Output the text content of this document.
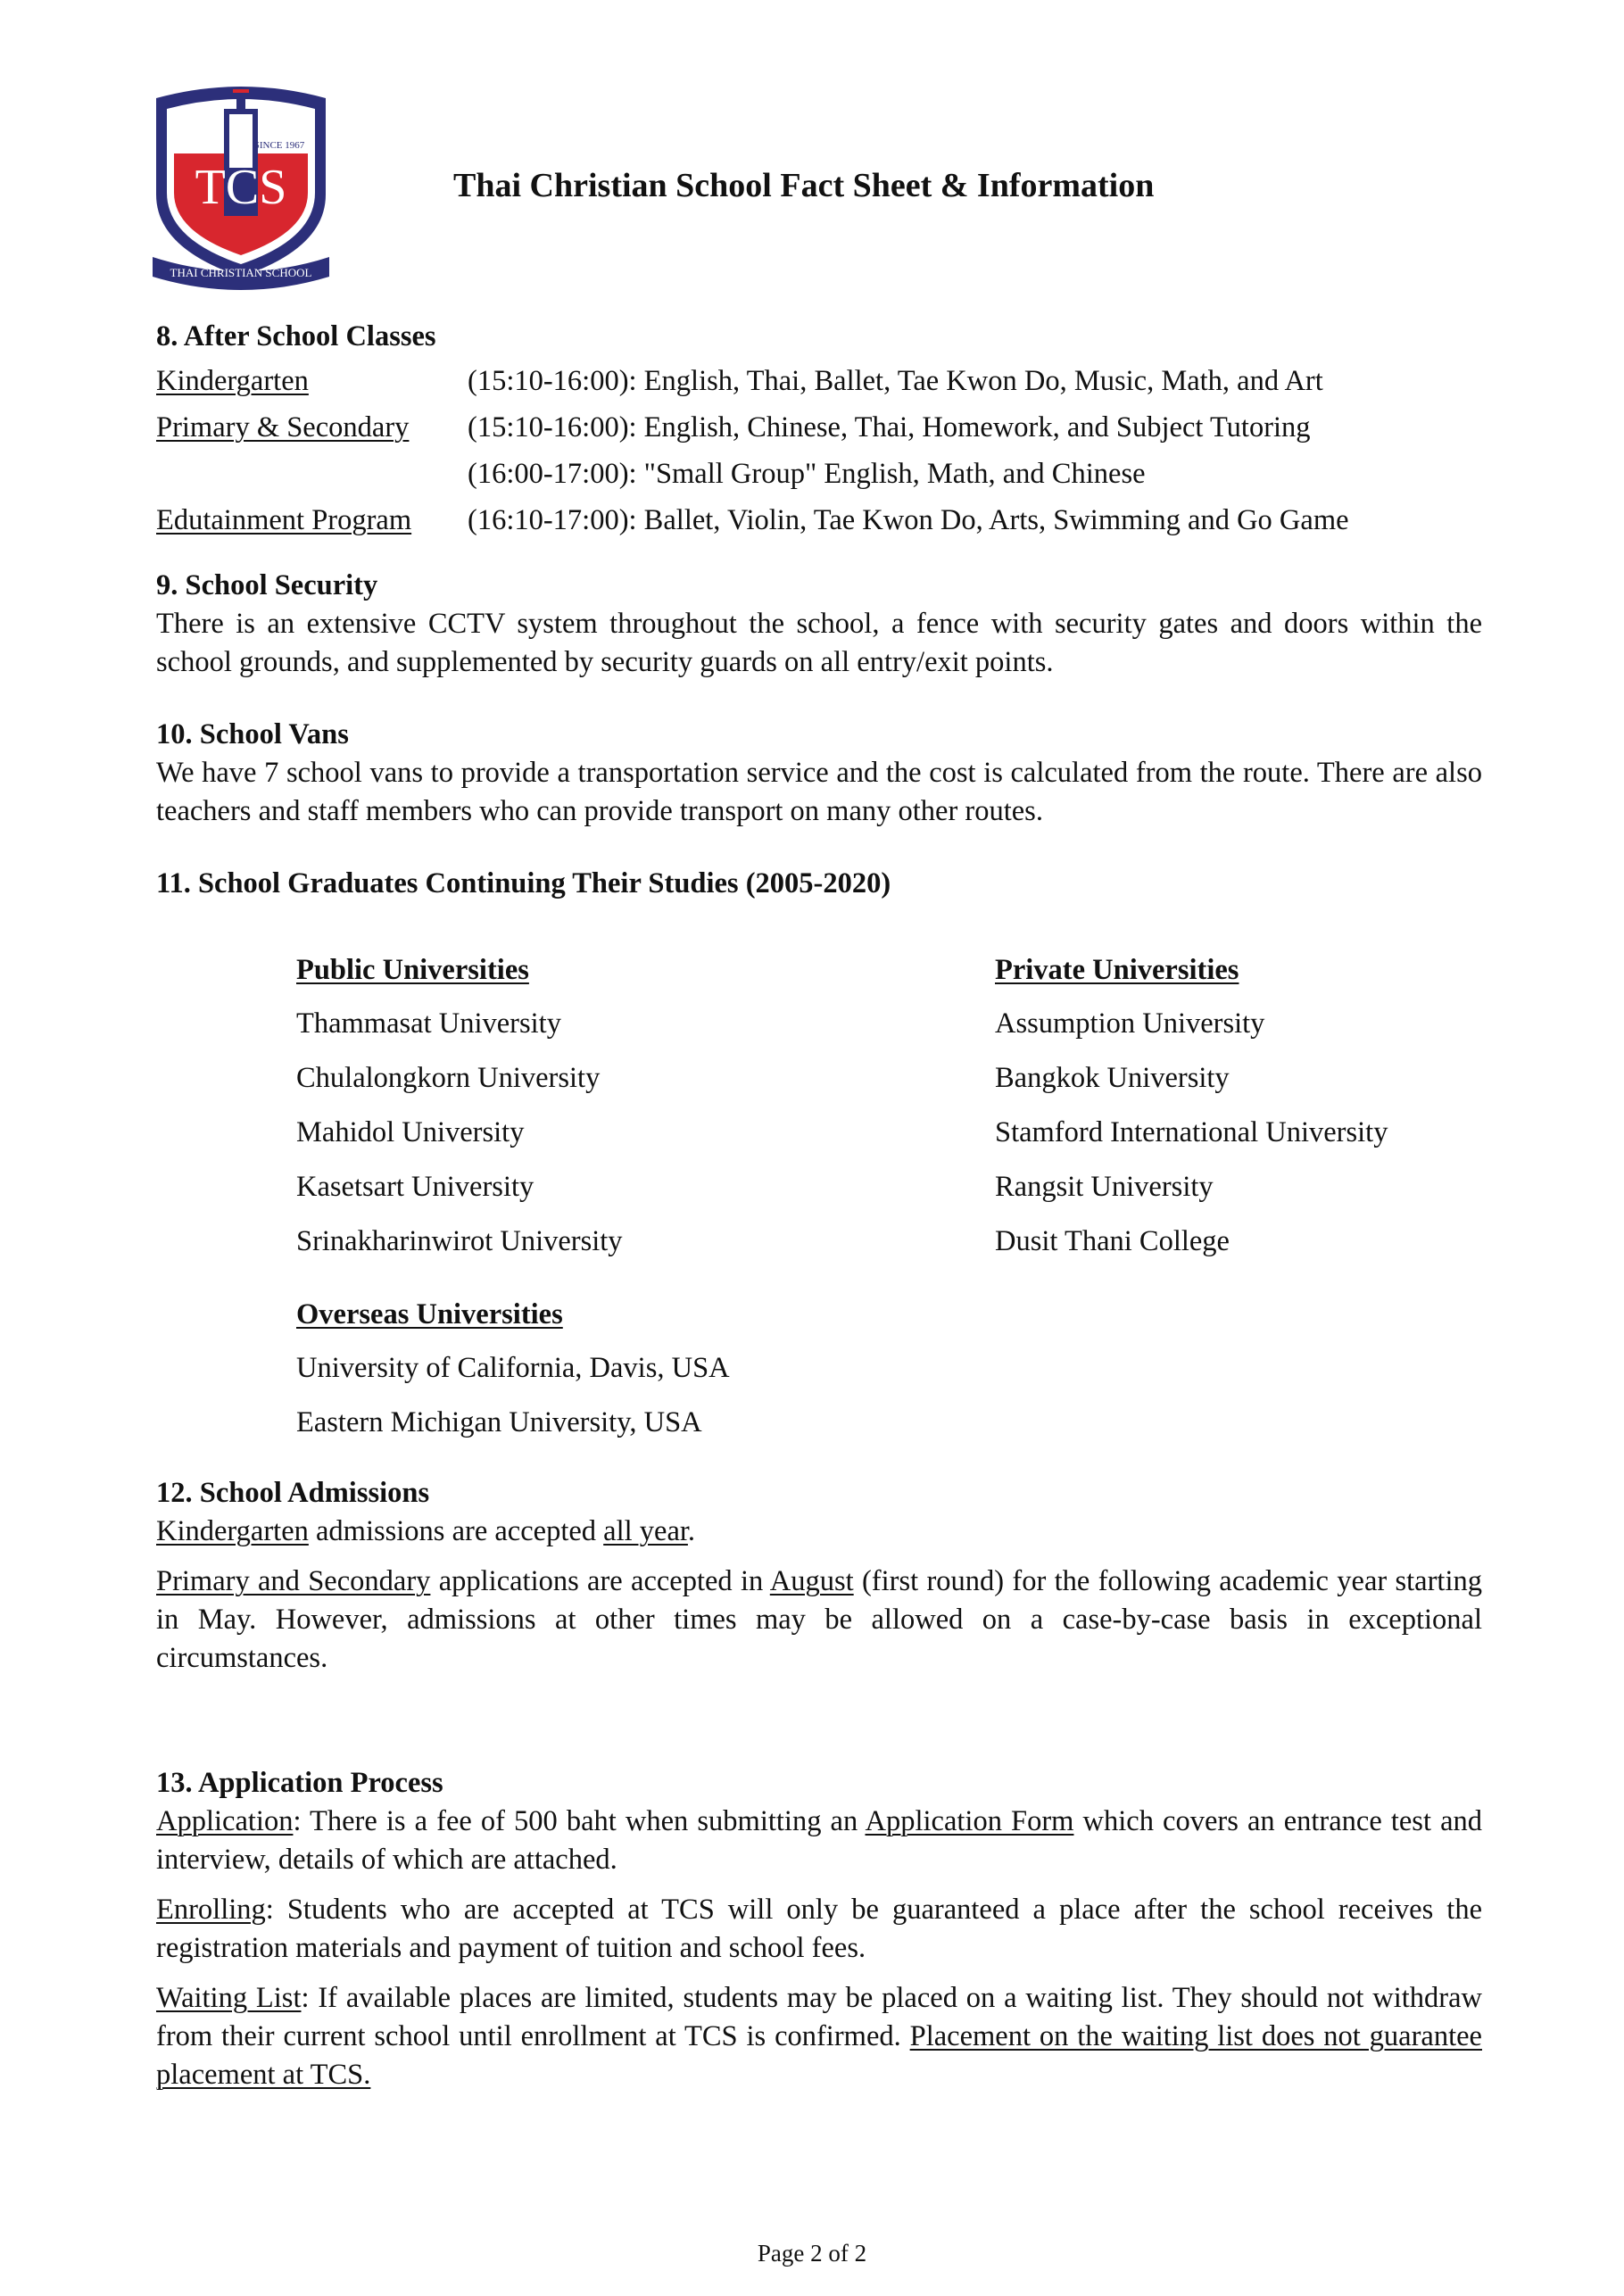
TCS
SINCE 1967
THAI CHRISTIAN SCHOOL
Thai Christian School Fact Sheet & Information
8. After School Classes
Kindergarten	(15:10-16:00): English, Thai, Ballet, Tae Kwon Do, Music, Math, and Art
Primary & Secondary	(15:10-16:00): English, Chinese, Thai, Homework, and Subject Tutoring
(16:00-17:00): "Small Group" English, Math, and Chinese
Edutainment Program	(16:10-17:00): Ballet, Violin, Tae Kwon Do, Arts, Swimming and Go Game
9. School Security
There is an extensive CCTV system throughout the school, a fence with security gates and doors within the school grounds, and supplemented by security guards on all entry/exit points.
10. School Vans
We have 7 school vans to provide a transportation service and the cost is calculated from the route. There are also teachers and staff members who can provide transport on many other routes.
11. School Graduates Continuing Their Studies (2005-2020)
Public Universities
Thammasat University
Chulalongkorn University
Mahidol University
Kasetsart University
Srinakharinwirot University
Private Universities
Assumption University
Bangkok University
Stamford International University
Rangsit University
Dusit Thani College
Overseas Universities
University of California, Davis, USA
Eastern Michigan University, USA
12. School Admissions
Kindergarten admissions are accepted all year.
Primary and Secondary applications are accepted in August (first round) for the following academic year starting in May. However, admissions at other times may be allowed on a case-by-case basis in exceptional circumstances.
13. Application Process
Application: There is a fee of 500 baht when submitting an Application Form which covers an entrance test and interview, details of which are attached.
Enrolling: Students who are accepted at TCS will only be guaranteed a place after the school receives the registration materials and payment of tuition and school fees.
Waiting List: If available places are limited, students may be placed on a waiting list. They should not withdraw from their current school until enrollment at TCS is confirmed. Placement on the waiting list does not guarantee placement at TCS.
Page 2 of 2
